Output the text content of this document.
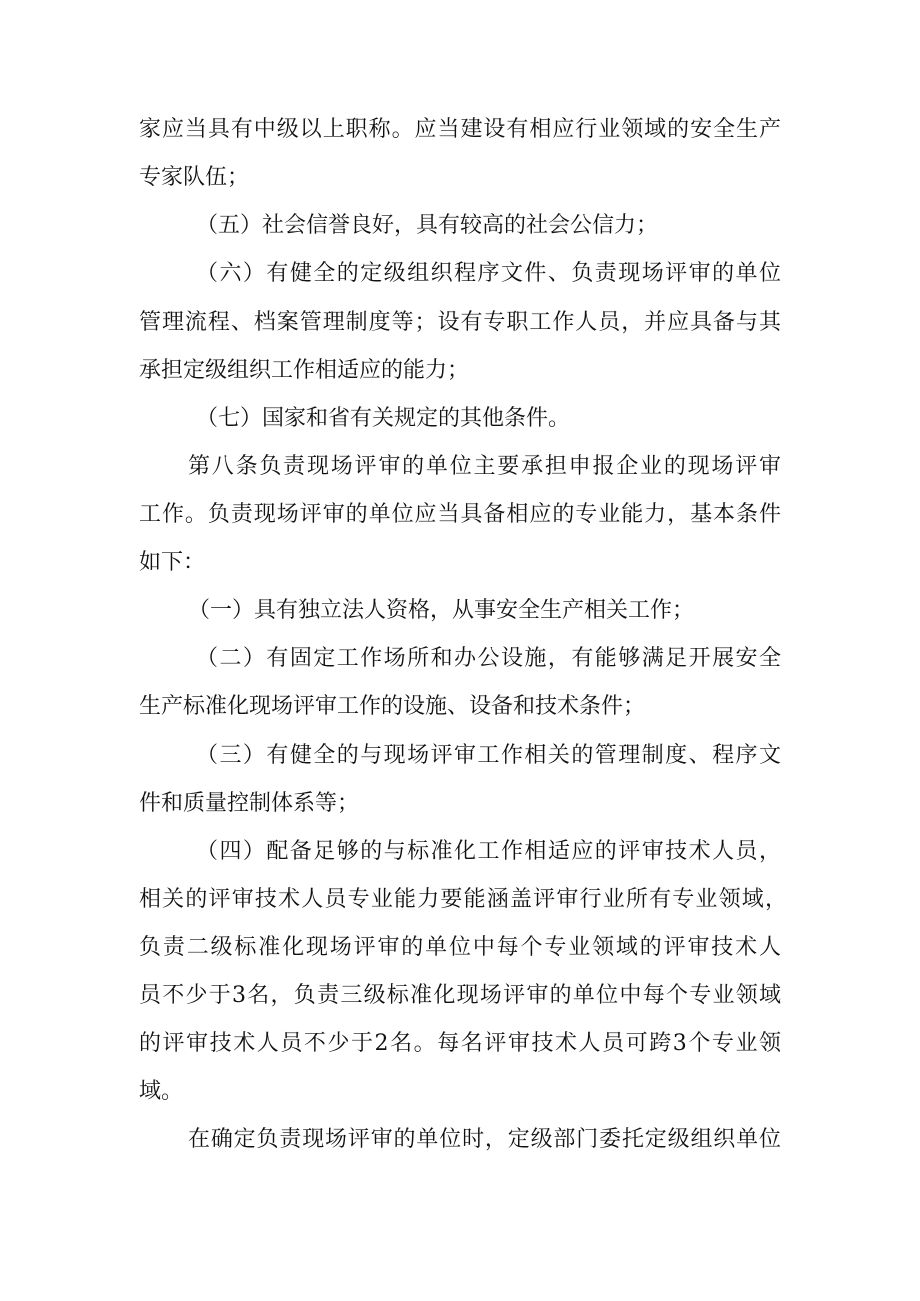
家应当具有中级以上职称。应当建设有相应行业领域的安全生产
专家队伍；
（五）社会信誉良好，具有较高的社会公信力；
（六）有健全的定级组织程序文件、负责现场评审的单位
管理流程、档案管理制度等；设有专职工作人员，并应具备与其
承担定级组织工作相适应的能力；
（七）国家和省有关规定的其他条件。
第八条负责现场评审的单位主要承担申报企业的现场评审
工作。负责现场评审的单位应当具备相应的专业能力，基本条件
如下：
（一）具有独立法人资格，从事安全生产相关工作；
（二）有固定工作场所和办公设施，有能够满足开展安全
生产标准化现场评审工作的设施、设备和技术条件；
（三）有健全的与现场评审工作相关的管理制度、程序文
件和质量控制体系等；
（四）配备足够的与标准化工作相适应的评审技术人员，
相关的评审技术人员专业能力要能涵盖评审行业所有专业领域，
负责二级标准化现场评审的单位中每个专业领域的评审技术人
员不少于3名，负责三级标准化现场评审的单位中每个专业领域
的评审技术人员不少于2名。每名评审技术人员可跨3个专业领
域。
在确定负责现场评审的单位时，定级部门委托定级组织单位
